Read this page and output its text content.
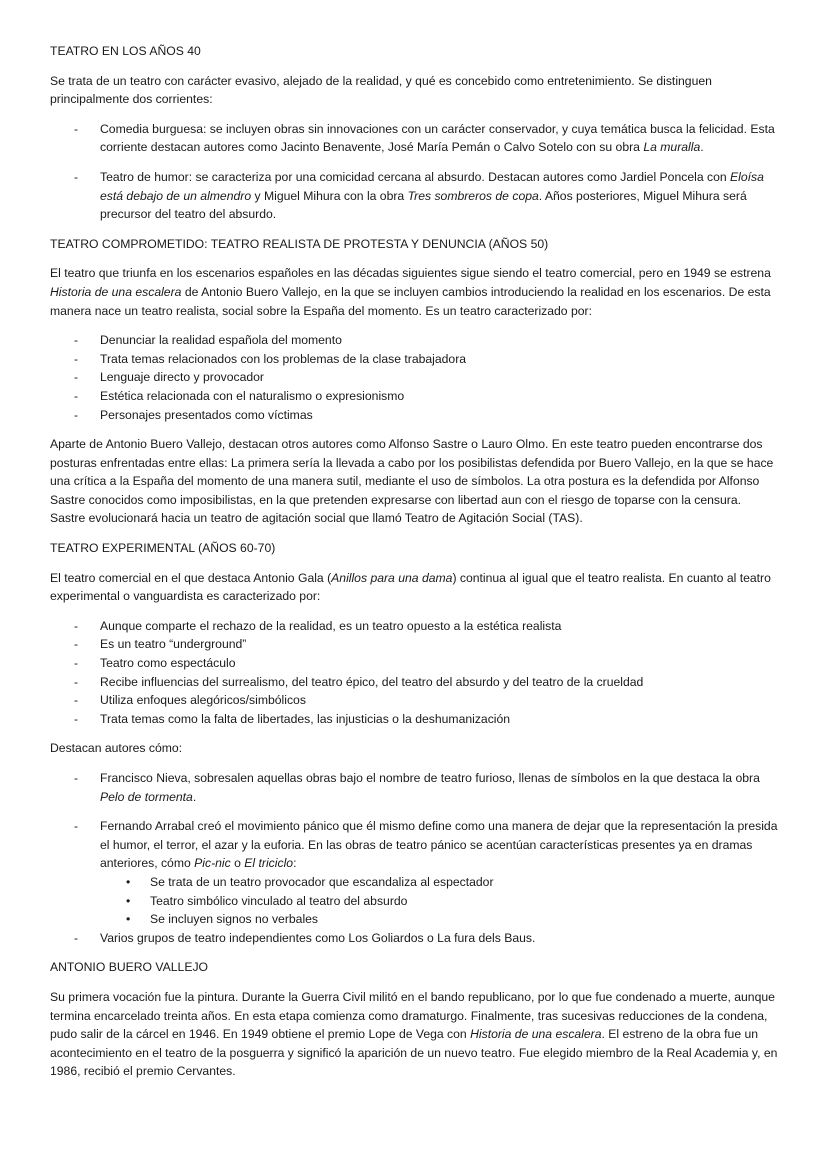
TEATRO EN LOS AÑOS 40

Se trata de un teatro con carácter evasivo, alejado de la realidad, y qué es concebido como entretenimiento. Se distinguen principalmente dos corrientes:

- Comedia burguesa: se incluyen obras sin innovaciones con un carácter conservador, y cuya temática busca la felicidad. Esta corriente destacan autores como Jacinto Benavente, José María Pemán o Calvo Sotelo con su obra La muralla.
- Teatro de humor: se caracteriza por una comicidad cercana al absurdo. Destacan autores como Jardiel Poncela con Eloísa está debajo de un almendro y Miguel Mihura con la obra Tres sombreros de copa. Años posteriores, Miguel Mihura será precursor del teatro del absurdo.
TEATRO COMPROMETIDO: TEATRO REALISTA DE PROTESTA Y DENUNCIA (AÑOS 50)

El teatro que triunfa en los escenarios españoles en las décadas siguientes sigue siendo el teatro comercial, pero en 1949 se estrena Historia de una escalera de Antonio Buero Vallejo, en la que se incluyen cambios introduciendo la realidad en los escenarios. De esta manera nace un teatro realista, social sobre la España del momento. Es un teatro caracterizado por:

- Denunciar la realidad española del momento
- Trata temas relacionados con los problemas de la clase trabajadora
- Lenguaje directo y provocador
- Estética relacionada con el naturalismo o expresionismo
- Personajes presentados como víctimas

Aparte de Antonio Buero Vallejo, destacan otros autores como Alfonso Sastre o Lauro Olmo. En este teatro pueden encontrarse dos posturas enfrentadas entre ellas: La primera sería la llevada a cabo por los posibilistas defendida por Buero Vallejo, en la que se hace una crítica a la España del momento de una manera sutil, mediante el uso de símbolos. La otra postura es la defendida por Alfonso Sastre conocidos como imposibilistas, en la que pretenden expresarse con libertad aun con el riesgo de toparse con la censura. Sastre evolucionará hacia un teatro de agitación social que llamó Teatro de Agitación Social (TAS).

TEATRO EXPERIMENTAL (AÑOS 60-70)

El teatro comercial en el que destaca Antonio Gala (Anillos para una dama) continua al igual que el teatro realista. En cuanto al teatro experimental o vanguardista es caracterizado por:

- Aunque comparte el rechazo de la realidad, es un teatro opuesto a la estética realista
- Es un teatro “underground”
- Teatro como espectáculo
- Recibe influencias del surrealismo, del teatro épico, del teatro del absurdo y del teatro de la crueldad
- Utiliza enfoques alegóricos/simbólicos
- Trata temas como la falta de libertades, las injusticias o la deshumanización

Destacan autores cómo:

- Francisco Nieva, sobresalen aquellas obras bajo el nombre de teatro furioso, llenas de símbolos en la que destaca la obra Pelo de tormenta.
- Fernando Arrabal creó el movimiento pánico que él mismo define como una manera de dejar que la representación la presida el humor, el terror, el azar y la euforia. En las obras de teatro pánico se acentúan características presentes ya en dramas anteriores, cómo Pic-nic o El triciclo:
• Se trata de un teatro provocador que escandaliza al espectador
• Teatro simbólico vinculado al teatro del absurdo
• Se incluyen signos no verbales
- Varios grupos de teatro independientes como Los Goliardos o La fura dels Baus.
ANTONIO BUERO VALLEJO

Su primera vocación fue la pintura. Durante la Guerra Civil militó en el bando republicano, por lo que fue condenado a muerte, aunque termina encarcelado treinta años. En esta etapa comienza como dramaturgo. Finalmente, tras sucesivas reducciones de la condena, pudo salir de la cárcel en 1946. En 1949 obtiene el premio Lope de Vega con Historia de una escalera. El estreno de la obra fue un acontecimiento en el teatro de la posguerra y significó la aparición de un nuevo teatro. Fue elegido miembro de la Real Academia y, en 1986, recibió el premio Cervantes.
